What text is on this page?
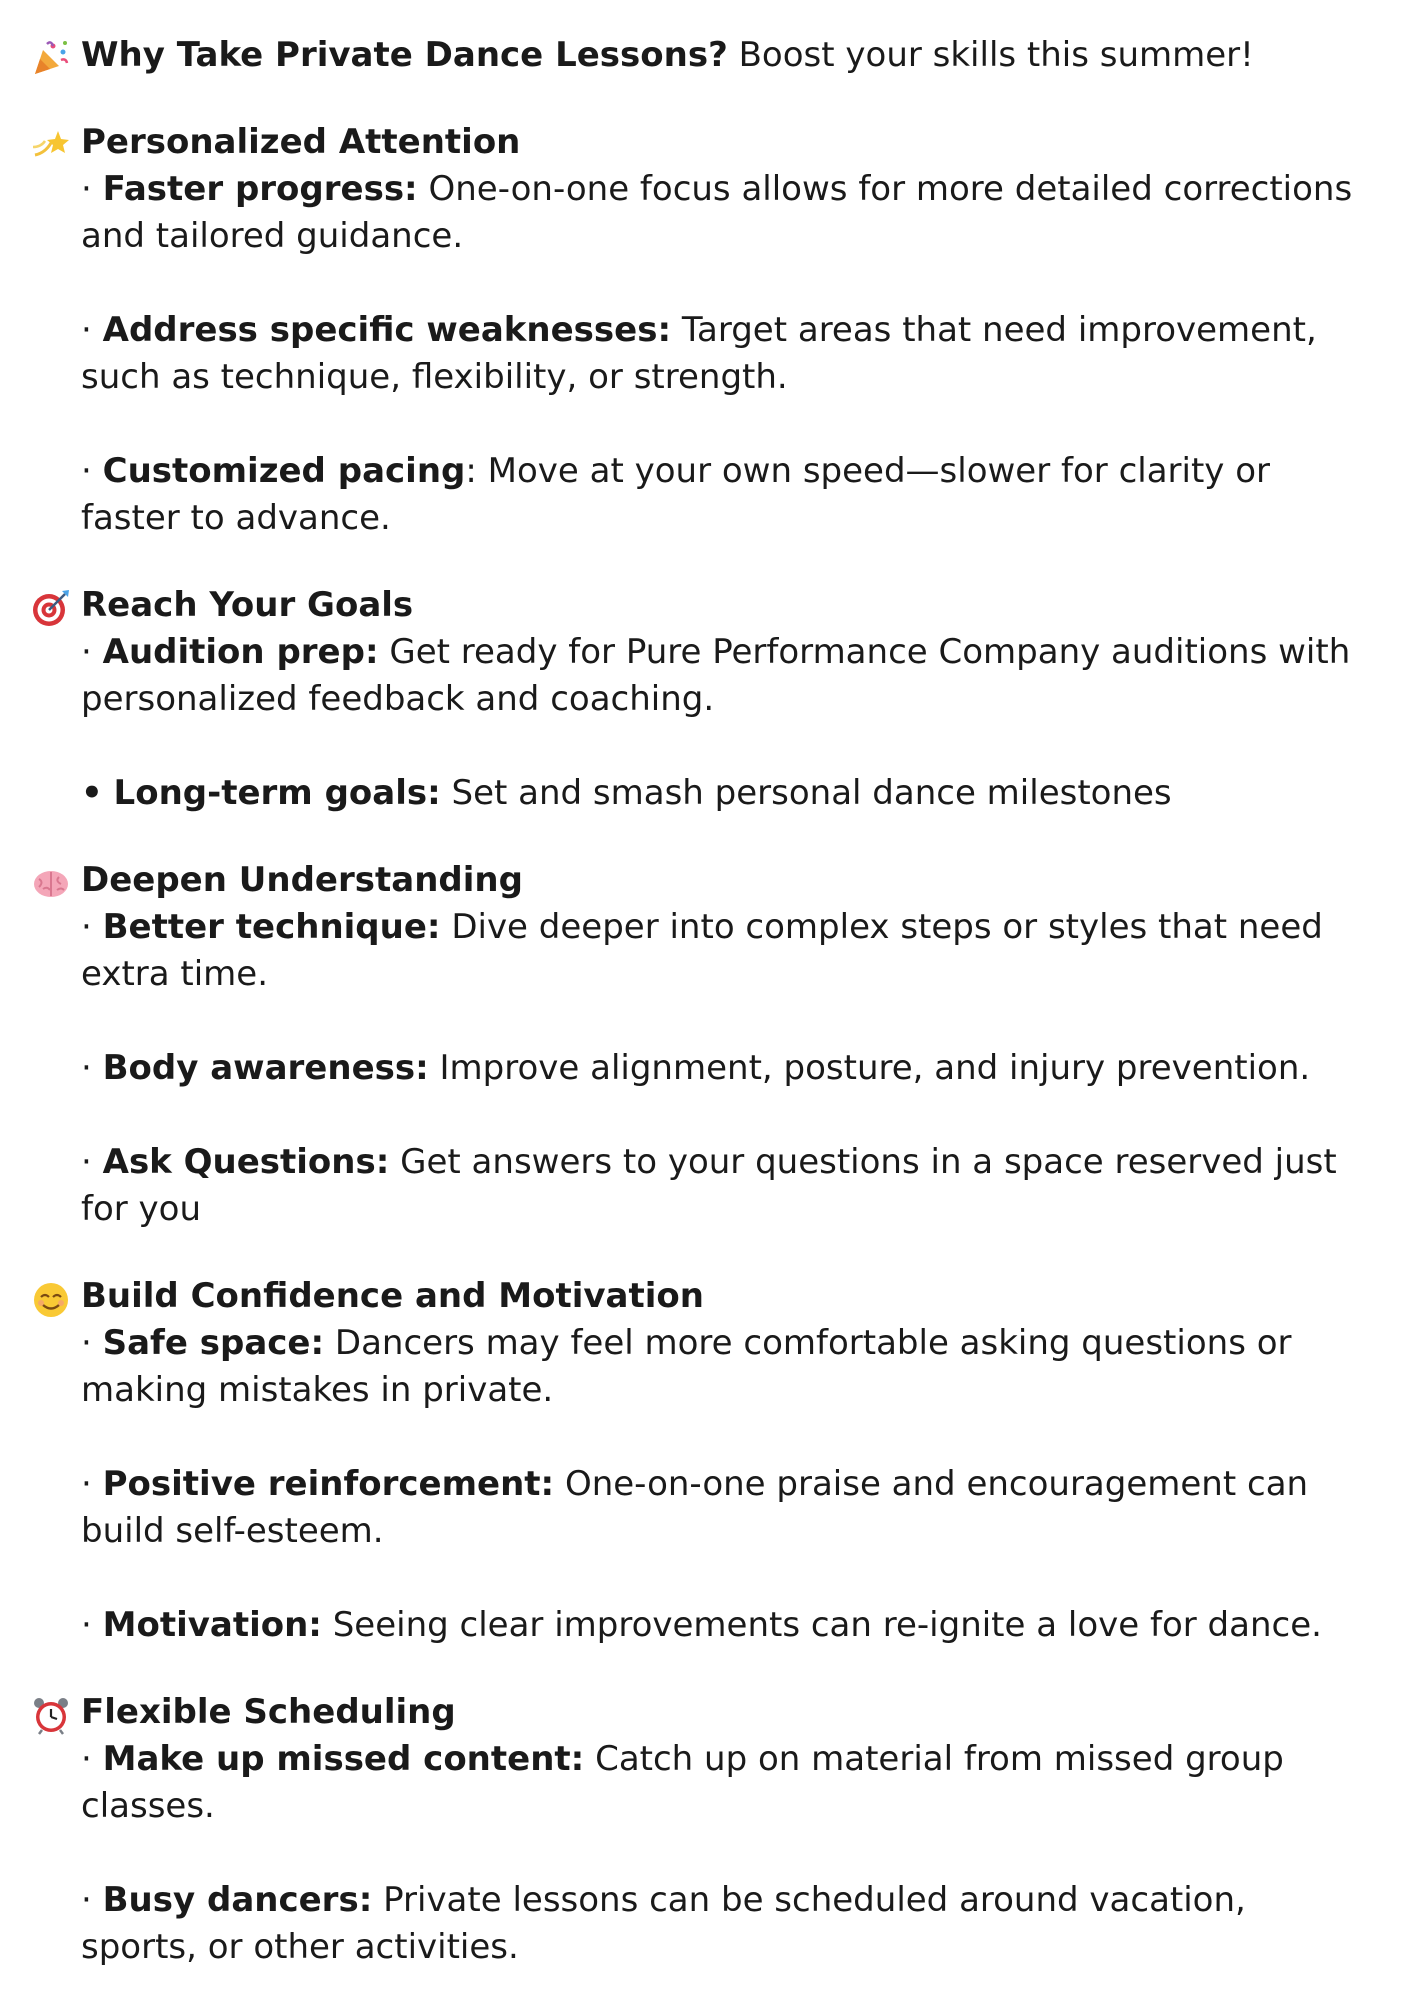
Why Take Private Dance Lessons? Boost your skills this summer!
Personalized Attention
· Faster progress: One-on-one focus allows for more detailed corrections and tailored guidance.
· Address specific weaknesses: Target areas that need improvement, such as technique, flexibility, or strength.
· Customized pacing: Move at your own speed—slower for clarity or faster to advance.
Reach Your Goals
· Audition prep: Get ready for Pure Performance Company auditions with personalized feedback and coaching.
• Long-term goals: Set and smash personal dance milestones
Deepen Understanding
· Better technique: Dive deeper into complex steps or styles that need extra time.
· Body awareness: Improve alignment, posture, and injury prevention.
· Ask Questions: Get answers to your questions in a space reserved just for you
Build Confidence and Motivation
· Safe space: Dancers may feel more comfortable asking questions or making mistakes in private.
· Positive reinforcement: One-on-one praise and encouragement can build self-esteem.
· Motivation: Seeing clear improvements can re-ignite a love for dance.
Flexible Scheduling
· Make up missed content: Catch up on material from missed group classes.
· Busy dancers: Private lessons can be scheduled around vacation, sports, or other activities.
